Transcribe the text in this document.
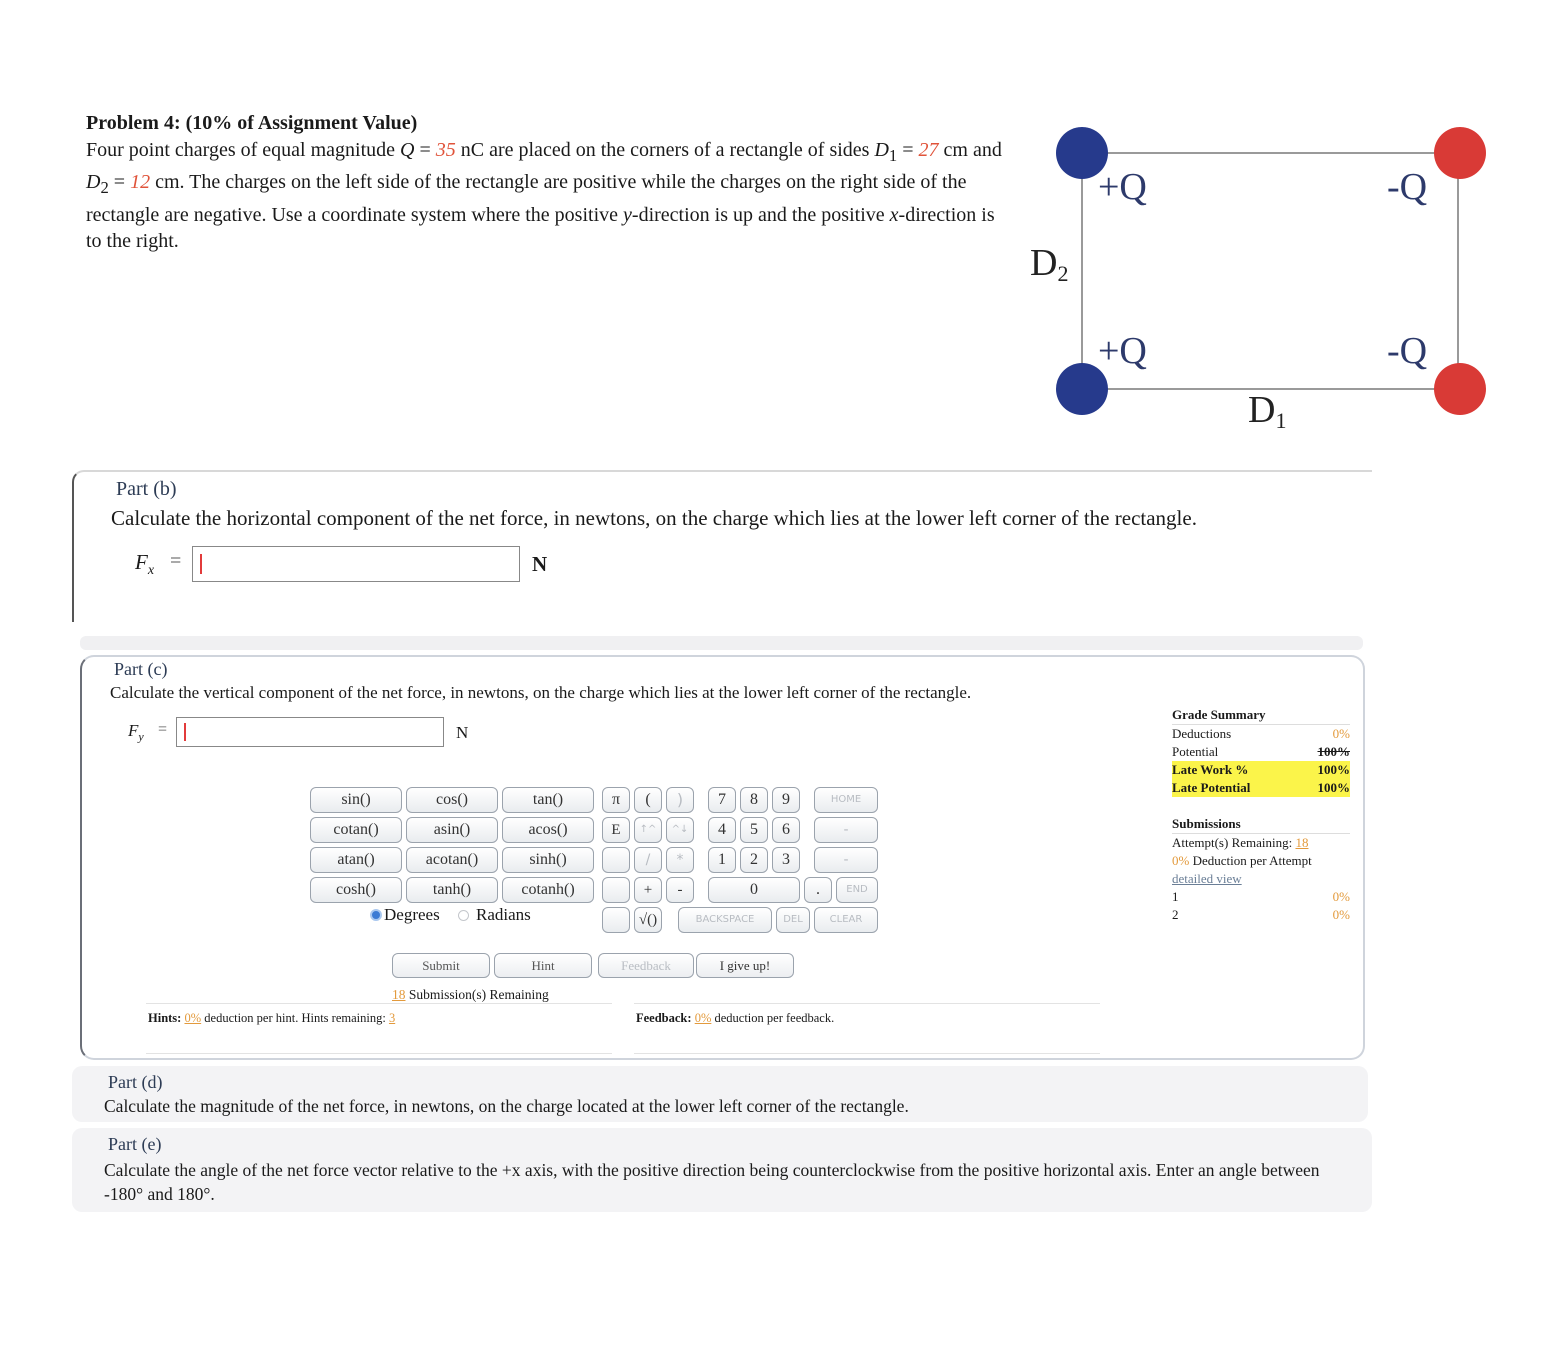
Problem 4: (10% of Assignment Value)
Four point charges of equal magnitude Q = 35 nC are placed on the corners of a rectangle of sides $D_1 = 27$ cm and $D_2 = 12$ cm. The charges on the left side of the rectangle are positive while the charges on the right side of the rectangle are negative. Use a coordinate system where the positive y-direction is up and the positive x-direction is to the right.
+Q
+Q
-Q
-Q
D2
D1
Part (b)
Calculate the horizontal component of the net force, in newtons, on the charge which lies at the lower left corner of the rectangle.
$F_x$ =	N
Part (c)
Calculate the vertical component of the net force, in newtons, on the charge which lies at the lower left corner of the rectangle.
$F_y$ =	N
sin()	cos()	tan()
cotan()	asin()	acos()
atan()	acotan()	sinh()
cosh()	tanh()	cotanh()
π	(	)
E	↑^	^↓
/	*
+	-
√()
7	8	9
4	5	6
1	2	3
0	.
HOME
-
-
END
BACKSPACE	DEL	CLEAR
Degrees Radians
Submit	Hint	Feedback	I give up!
18 Submission(s) Remaining
Hints: 0% deduction per hint. Hints remaining: 3	Feedback: 0% deduction per feedback.
Grade Summary
Deductions	0%
Potential	100%
Late Work %	100%
Late Potential	100%
Submissions
Attempt(s) Remaining: 18
0% Deduction per Attempt
detailed view
1	0%
2	0%
Part (d)
Calculate the magnitude of the net force, in newtons, on the charge located at the lower left corner of the rectangle.
Part (e)
Calculate the angle of the net force vector relative to the +x axis, with the positive direction being counterclockwise from the positive horizontal axis. Enter an angle between -180° and 180°.
